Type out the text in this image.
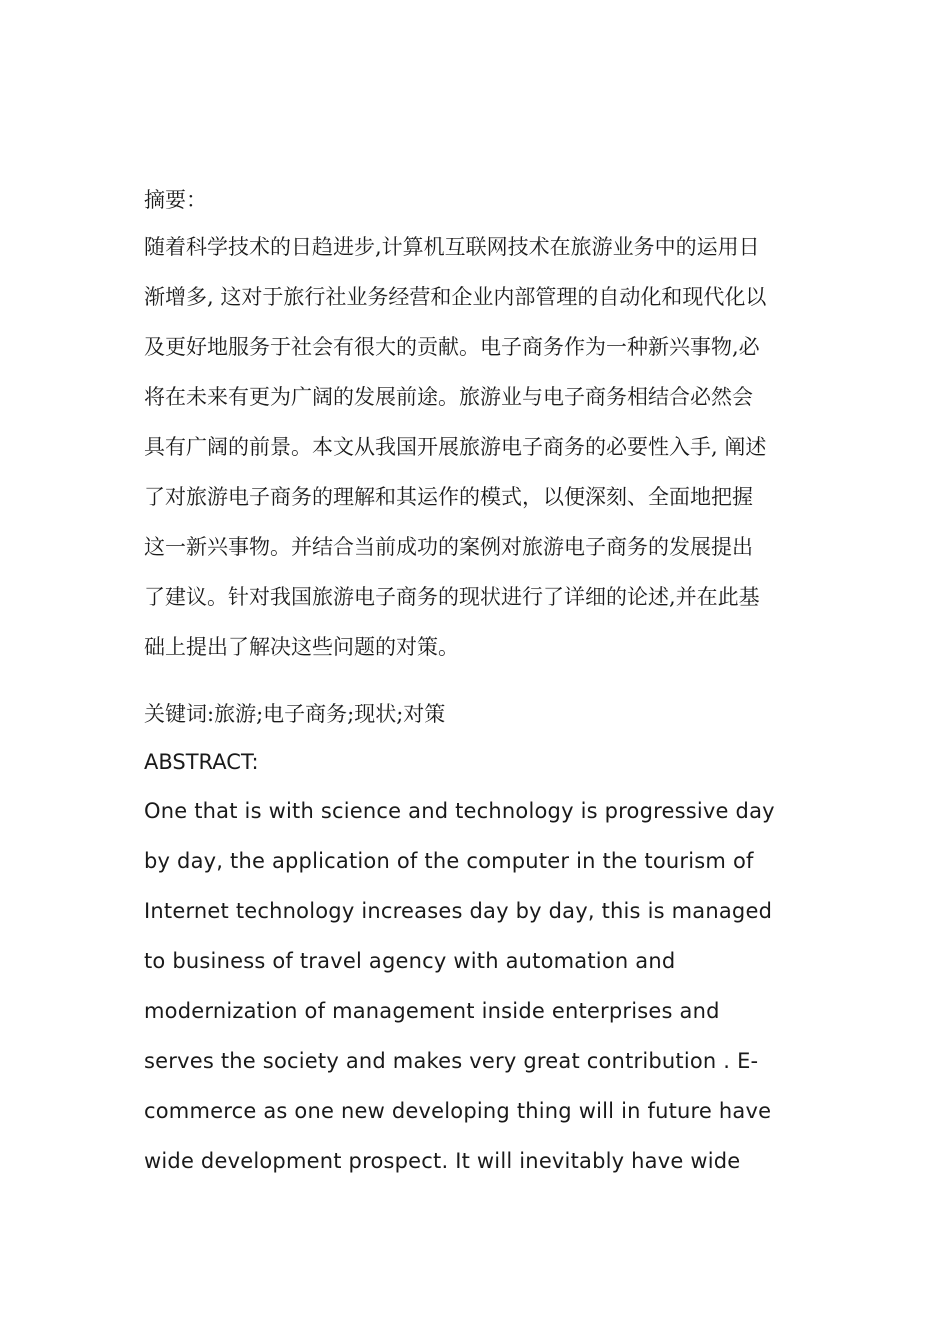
摘要：
随着科学技术的日趋进步,计算机互联网技术在旅游业务中的运用日
渐增多, 这对于旅行社业务经营和企业内部管理的自动化和现代化以
及更好地服务于社会有很大的贡献。电子商务作为一种新兴事物,必
将在未来有更为广阔的发展前途。旅游业与电子商务相结合必然会
具有广阔的前景。本文从我国开展旅游电子商务的必要性入手, 阐述
了对旅游电子商务的理解和其运作的模式，以便深刻、全面地把握
这一新兴事物。并结合当前成功的案例对旅游电子商务的发展提出
了建议。针对我国旅游电子商务的现状进行了详细的论述,并在此基
础上提出了解决这些问题的对策。
关键词:旅游;电子商务;现状;对策
ABSTRACT:
One that is with science and technology is progressive day
by day, the application of the computer in the tourism of
Internet technology increases day by day, this is managed
to business of travel agency with automation and
modernization of management inside enterprises and
serves the society and makes very great contribution . E-
commerce as one new developing thing will in future have
wide development prospect. It will inevitably have wide
